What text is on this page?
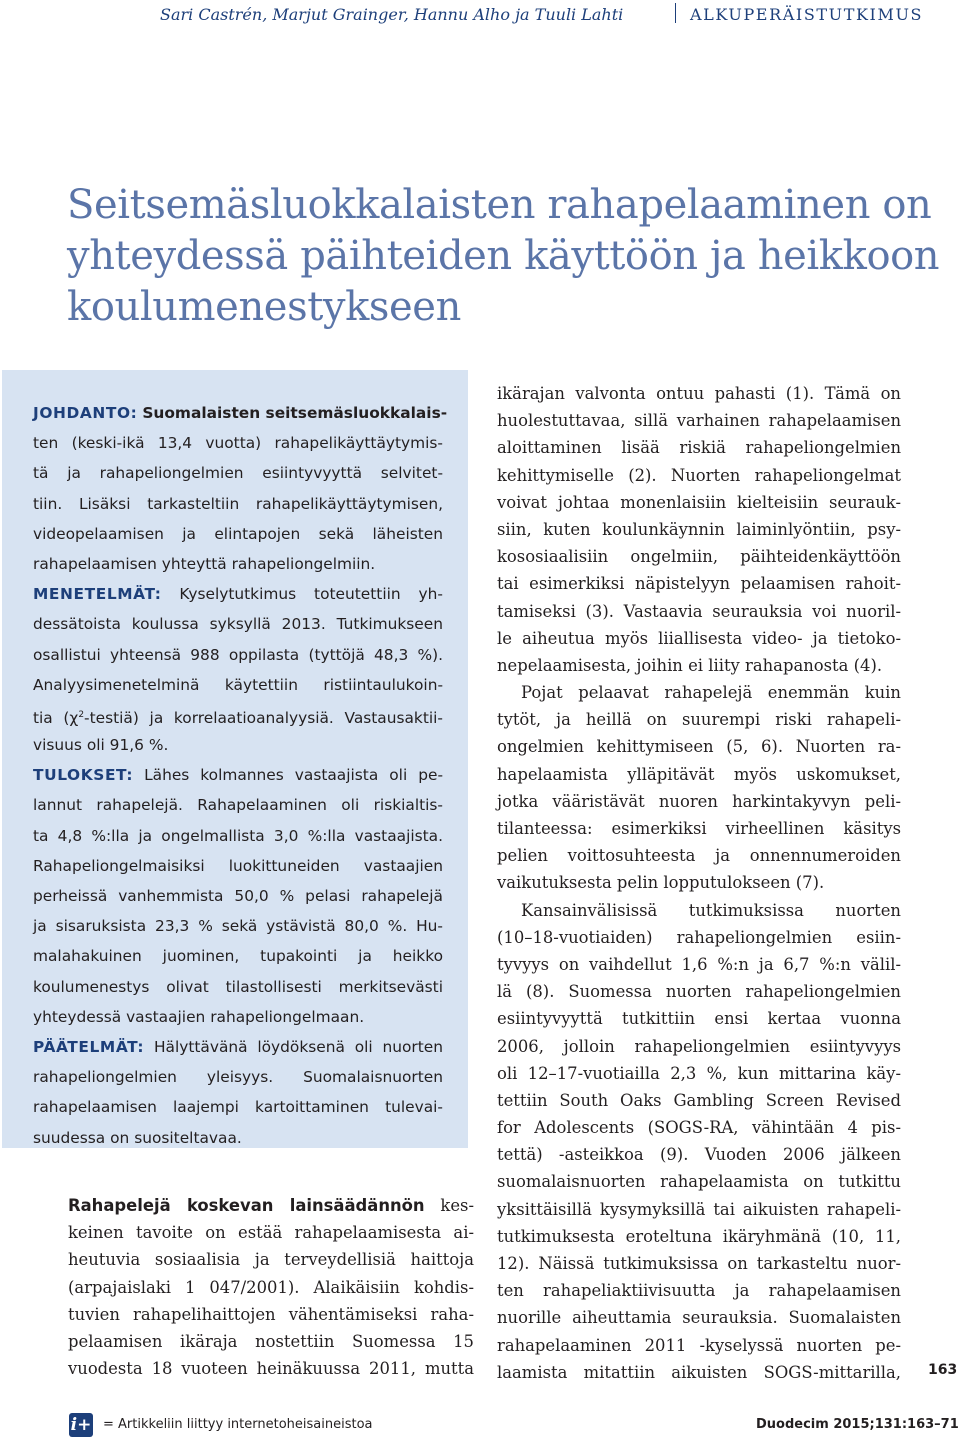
Sari Castrén, Marjut Grainger, Hannu Alho ja Tuuli Lahti	ALKUPERÄISTUTKIMUS
Seitsemäsluokkalaisten rahapelaaminen on
yhteydessä päihteiden käyttöön ja heikkoon
koulumenestykseen
JOHDANTO: Suomalaisten seitsemäsluokkalais-
ten (keski-ikä 13,4 vuotta) rahapelikäyttäytymis-
tä ja rahapeliongelmien esiintyvyyttä selvitet-
tiin. Lisäksi tarkasteltiin rahapelikäyttäytymisen,
videopelaamisen ja elintapojen sekä läheisten
rahapelaamisen yhteyttä rahapeliongelmiin.
MENETELMÄT: Kyselytutkimus toteutettiin yh-
dessätoista koulussa syksyllä 2013. Tutkimukseen
osallistui yhteensä 988 oppilasta (tyttöjä 48,3 %).
Analyysimenetelminä käytettiin ristiintaulukoin-
tia $(\chi^2-testiä)$ ja korrelaatioanalyysiä. Vastausaktii-
visuus oli 91,6 %.
TULOKSET: Lähes kolmannes vastaajista oli pe-
lannut rahapelejä. Rahapelaaminen oli riskialtis-
ta 4,8 %:lla ja ongelmallista 3,0 %:lla vastaajista.
Rahapeliongelmaisiksi luokittuneiden vastaajien
perheissä vanhemmista 50,0 % pelasi rahapelejä
ja sisaruksista 23,3 % sekä ystävistä 80,0 %. Hu-
malahakuinen juominen, tupakointi ja heikko
koulumenestys olivat tilastollisesti merkitsevästi
yhteydessä vastaajien rahapeliongelmaan.
PÄÄTELMÄT: Hälyttävänä löydöksenä oli nuorten
rahapeliongelmien yleisyys. Suomalaisnuorten
rahapelaamisen laajempi kartoittaminen tulevai-
suudessa on suositeltavaa.
Rahapelejä koskevan lainsäädännön kes-
keinen tavoite on estää rahapelaamisesta ai-
heutuvia sosiaalisia ja terveydellisiä haittoja
(arpajaislaki 1 047/2001). Alaikäisiin kohdis-
tuvien rahapelihaittojen vähentämiseksi raha-
pelaamisen ikäraja nostettiin Suomessa 15
vuodesta 18 vuoteen heinäkuussa 2011, mutta
ikärajan valvonta ontuu pahasti (1). Tämä on
huolestuttavaa, sillä varhainen rahapelaamisen
aloittaminen lisää riskiä rahapeliongelmien
kehittymiselle (2). Nuorten rahapeliongelmat
voivat johtaa monenlaisiin kielteisiin seurauk-
siin, kuten koulunkäynnin laiminlyöntiin, psy-
kososiaalisiin ongelmiin, päihteidenkäyttöön
tai esimerkiksi näpistelyyn pelaamisen rahoit-
tamiseksi (3). Vastaavia seurauksia voi nuoril-
le aiheutua myös liiallisesta video- ja tietoko-
nepelaamisesta, joihin ei liity rahapanosta (4).
Pojat pelaavat rahapelejä enemmän kuin
tytöt, ja heillä on suurempi riski rahapeli-
ongelmien kehittymiseen (5, 6). Nuorten ra-
hapelaamista ylläpitävät myös uskomukset,
jotka vääristävät nuoren harkintakyvyn peli-
tilanteessa: esimerkiksi virheellinen käsitys
pelien voittosuhteesta ja onnennumeroiden
vaikutuksesta pelin lopputulokseen (7).
Kansainvälisissä tutkimuksissa nuorten
(10–18-vuotiaiden) rahapeliongelmien esiin-
tyvyys on vaihdellut 1,6 %:n ja 6,7 %:n välil-
lä (8). Suomessa nuorten rahapeliongelmien
esiintyvyyttä tutkittiin ensi kertaa vuonna
2006, jolloin rahapeliongelmien esiintyvyys
oli 12–17-vuotiailla 2,3 %, kun mittarina käy-
tettiin South Oaks Gambling Screen Revised
for Adolescents (SOGS-RA, vähintään 4 pis-
tettä) -asteikkoa (9). Vuoden 2006 jälkeen
suomalaisnuorten rahapelaamista on tutkittu
yksittäisillä kysymyksillä tai aikuisten rahapeli-
tutkimuksesta eroteltuna ikäryhmänä (10, 11,
12). Näissä tutkimuksissa on tarkasteltu nuor-
ten rahapeliaktiivisuutta ja rahapelaamisen
nuorille aiheuttamia seurauksia. Suomalaisten
rahapelaaminen 2011 -kyselyssä nuorten pe-
laamista mitattiin aikuisten SOGS-mittarilla, 163
i+ = Artikkeliin liittyy internetoheisaineistoa	Duodecim 2015;131:163–71
